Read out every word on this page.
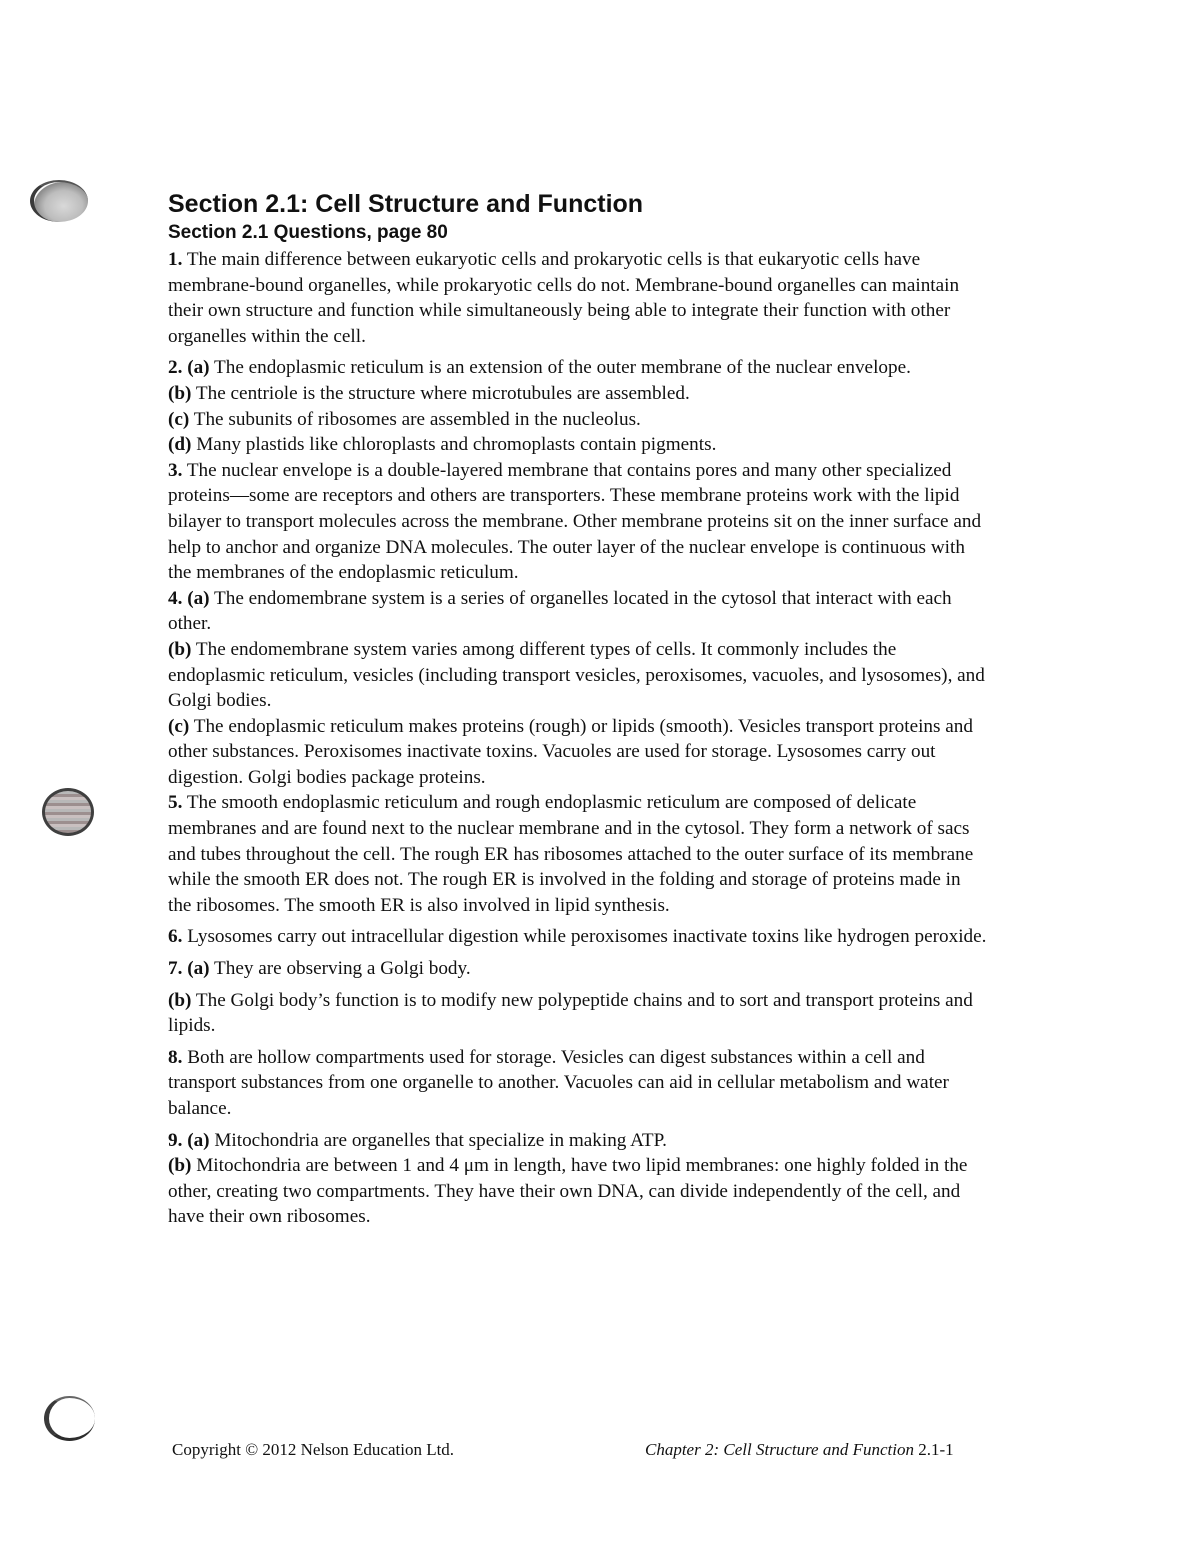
Section 2.1: Cell Structure and Function
Section 2.1 Questions, page 80

1. The main difference between eukaryotic cells and prokaryotic cells is that eukaryotic cells have membrane-bound organelles, while prokaryotic cells do not. Membrane-bound organelles can maintain their own structure and function while simultaneously being able to integrate their function with other organelles within the cell.

2. (a) The endoplasmic reticulum is an extension of the outer membrane of the nuclear envelope.

(b) The centriole is the structure where microtubules are assembled.

(c) The subunits of ribosomes are assembled in the nucleolus.

(d) Many plastids like chloroplasts and chromoplasts contain pigments.

3. The nuclear envelope is a double-layered membrane that contains pores and many other specialized proteins—some are receptors and others are transporters. These membrane proteins work with the lipid bilayer to transport molecules across the membrane. Other membrane proteins sit on the inner surface and help to anchor and organize DNA molecules. The outer layer of the nuclear envelope is continuous with the membranes of the endoplasmic reticulum.

4. (a) The endomembrane system is a series of organelles located in the cytosol that interact with each other.

(b) The endomembrane system varies among different types of cells. It commonly includes the endoplasmic reticulum, vesicles (including transport vesicles, peroxisomes, vacuoles, and lysosomes), and Golgi bodies.

(c) The endoplasmic reticulum makes proteins (rough) or lipids (smooth). Vesicles transport proteins and other substances. Peroxisomes inactivate toxins. Vacuoles are used for storage. Lysosomes carry out digestion. Golgi bodies package proteins.

5. The smooth endoplasmic reticulum and rough endoplasmic reticulum are composed of delicate membranes and are found next to the nuclear membrane and in the cytosol. They form a network of sacs and tubes throughout the cell. The rough ER has ribosomes attached to the outer surface of its membrane while the smooth ER does not. The rough ER is involved in the folding and storage of proteins made in the ribosomes. The smooth ER is also involved in lipid synthesis.

6. Lysosomes carry out intracellular digestion while peroxisomes inactivate toxins like hydrogen peroxide.

7. (a) They are observing a Golgi body.

(b) The Golgi body’s function is to modify new polypeptide chains and to sort and transport proteins and lipids.

8. Both are hollow compartments used for storage. Vesicles can digest substances within a cell and transport substances from one organelle to another. Vacuoles can aid in cellular metabolism and water balance.

9. (a) Mitochondria are organelles that specialize in making ATP.

(b) Mitochondria are between 1 and 4 μm in length, have two lipid membranes: one highly folded in the other, creating two compartments. They have their own DNA, can divide independently of the cell, and have their own ribosomes.

Copyright © 2012 Nelson Education Ltd.	Chapter 2: Cell Structure and Function 2.1-1
